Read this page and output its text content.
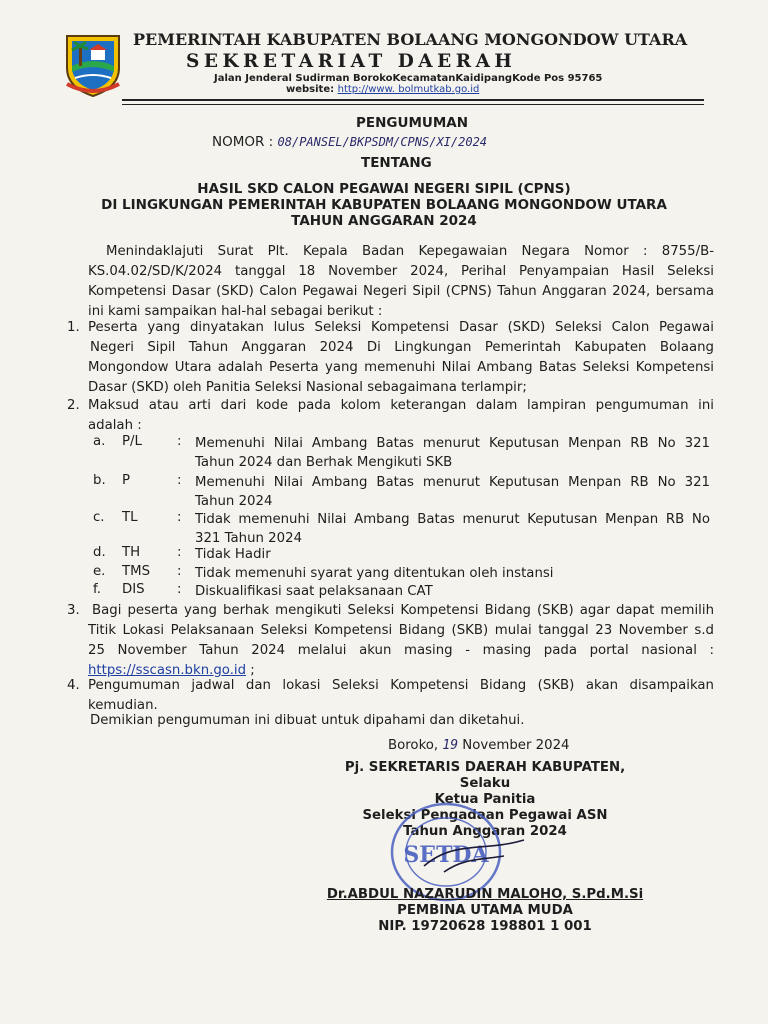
PEMERINTAH KABUPATEN BOLAANG MONGONDOW UTARA
SEKRETARIAT DAERAH
Jalan Jenderal Sudirman BorokoKecamatanKaidipangKode Pos 95765
website: http://www. bolmutkab.go.id
PENGUMUMAN
NOMOR : 08/PANSEL/BKPSDM/CPNS/XI/2024
TENTANG
HASIL SKD CALON PEGAWAI NEGERI SIPIL (CPNS)
DI LINGKUNGAN PEMERINTAH KABUPATEN BOLAANG MONGONDOW UTARA
TAHUN ANGGARAN 2024
Menindaklajuti Surat Plt. Kepala Badan Kepegawaian Negara Nomor : 8755/B-
KS.04.02/SD/K/2024 tanggal 18 November 2024, Perihal Penyampaian Hasil Seleksi
Kompetensi Dasar (SKD) Calon Pegawai Negeri Sipil (CPNS) Tahun Anggaran 2024, bersama
ini kami sampaikan hal-hal sebagai berikut :
1. Peserta yang dinyatakan lulus Seleksi Kompetensi Dasar (SKD) Seleksi Calon Pegawai
Negeri Sipil Tahun Anggaran 2024 Di Lingkungan Pemerintah Kabupaten Bolaang
Mongondow Utara adalah Peserta yang memenuhi Nilai Ambang Batas Seleksi Kompetensi
Dasar (SKD) oleh Panitia Seleksi Nasional sebagaimana terlampir;
2. Maksud atau arti dari kode pada kolom keterangan dalam lampiran pengumuman ini
adalah :
a. P/L	: Memenuhi Nilai Ambang Batas menurut Keputusan Menpan RB No 321
Tahun 2024 dan Berhak Mengikuti SKB
b. P	: Memenuhi Nilai Ambang Batas menurut Keputusan Menpan RB No 321
Tahun 2024
c. TL	: Tidak memenuhi Nilai Ambang Batas menurut Keputusan Menpan RB No
321 Tahun 2024
d. TH	: Tidak Hadir
e. TMS : Tidak memenuhi syarat yang ditentukan oleh instansi
f. DIS : Diskualifikasi saat pelaksanaan CAT
3. Bagi peserta yang berhak mengikuti Seleksi Kompetensi Bidang (SKB) agar dapat memilih
Titik Lokasi Pelaksanaan Seleksi Kompetensi Bidang (SKB) mulai tanggal 23 November s.d
25 November Tahun 2024 melalui akun masing - masing pada portal nasional :
https://sscasn.bkn.go.id ;
4. Pengumuman jadwal dan lokasi Seleksi Kompetensi Bidang (SKB) akan disampaikan
kemudian.
Demikian pengumuman ini dibuat untuk dipahami dan diketahui.
Boroko, 19 November 2024
Pj. SEKRETARIS DAERAH KABUPATEN,
Selaku
Ketua Panitia
Seleksi Pengadaan Pegawai ASN
Tahun Anggaran 2024
SETDA
Dr.ABDUL NAZARUDIN MALOHO, S.Pd.M.Si
PEMBINA UTAMA MUDA
NIP. 19720628 198801 1 001
